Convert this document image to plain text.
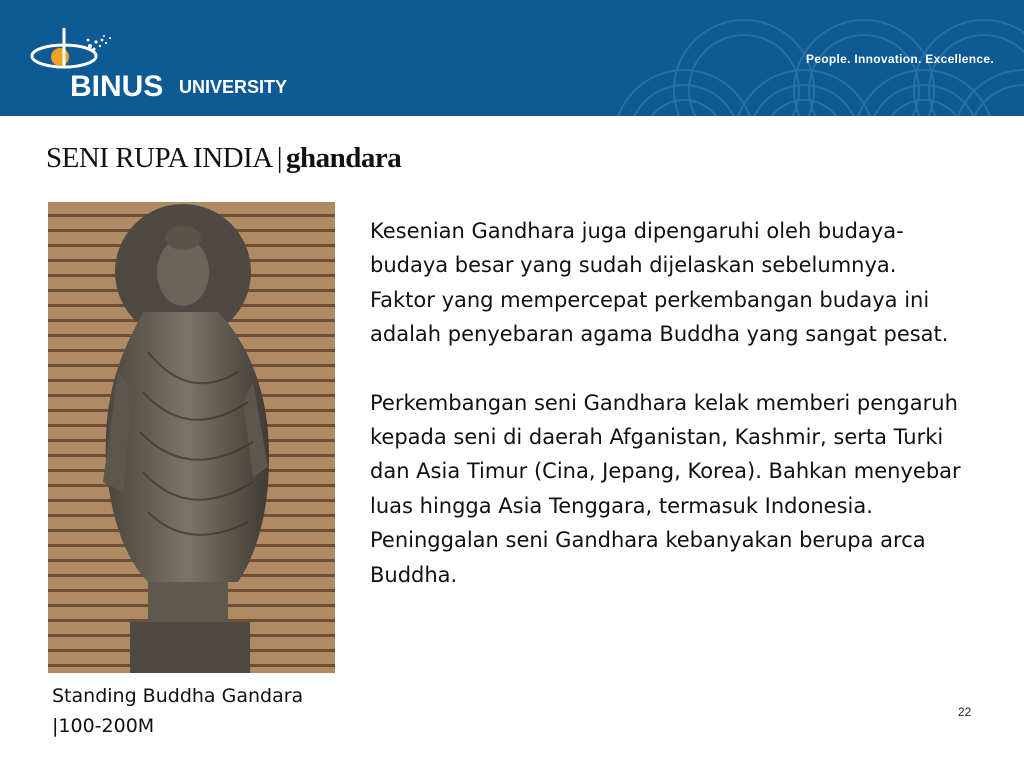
BINUS UNIVERSITY
People. Innovation. Excellence.
SENI RUPA INDIA | ghandara
Standing Buddha Gandara
|100-200M

Kesenian Gandhara juga dipengaruhi oleh budaya-budaya besar yang sudah dijelaskan sebelumnya.

Faktor yang mempercepat perkembangan budaya ini adalah penyebaran agama Buddha yang sangat pesat.

Perkembangan seni Gandhara kelak memberi pengaruh kepada seni di daerah Afganistan, Kashmir, serta Turki dan Asia Timur (Cina, Jepang, Korea). Bahkan menyebar luas hingga Asia Tenggara, termasuk Indonesia.

Peninggalan seni Gandhara kebanyakan berupa arca Buddha.

22
